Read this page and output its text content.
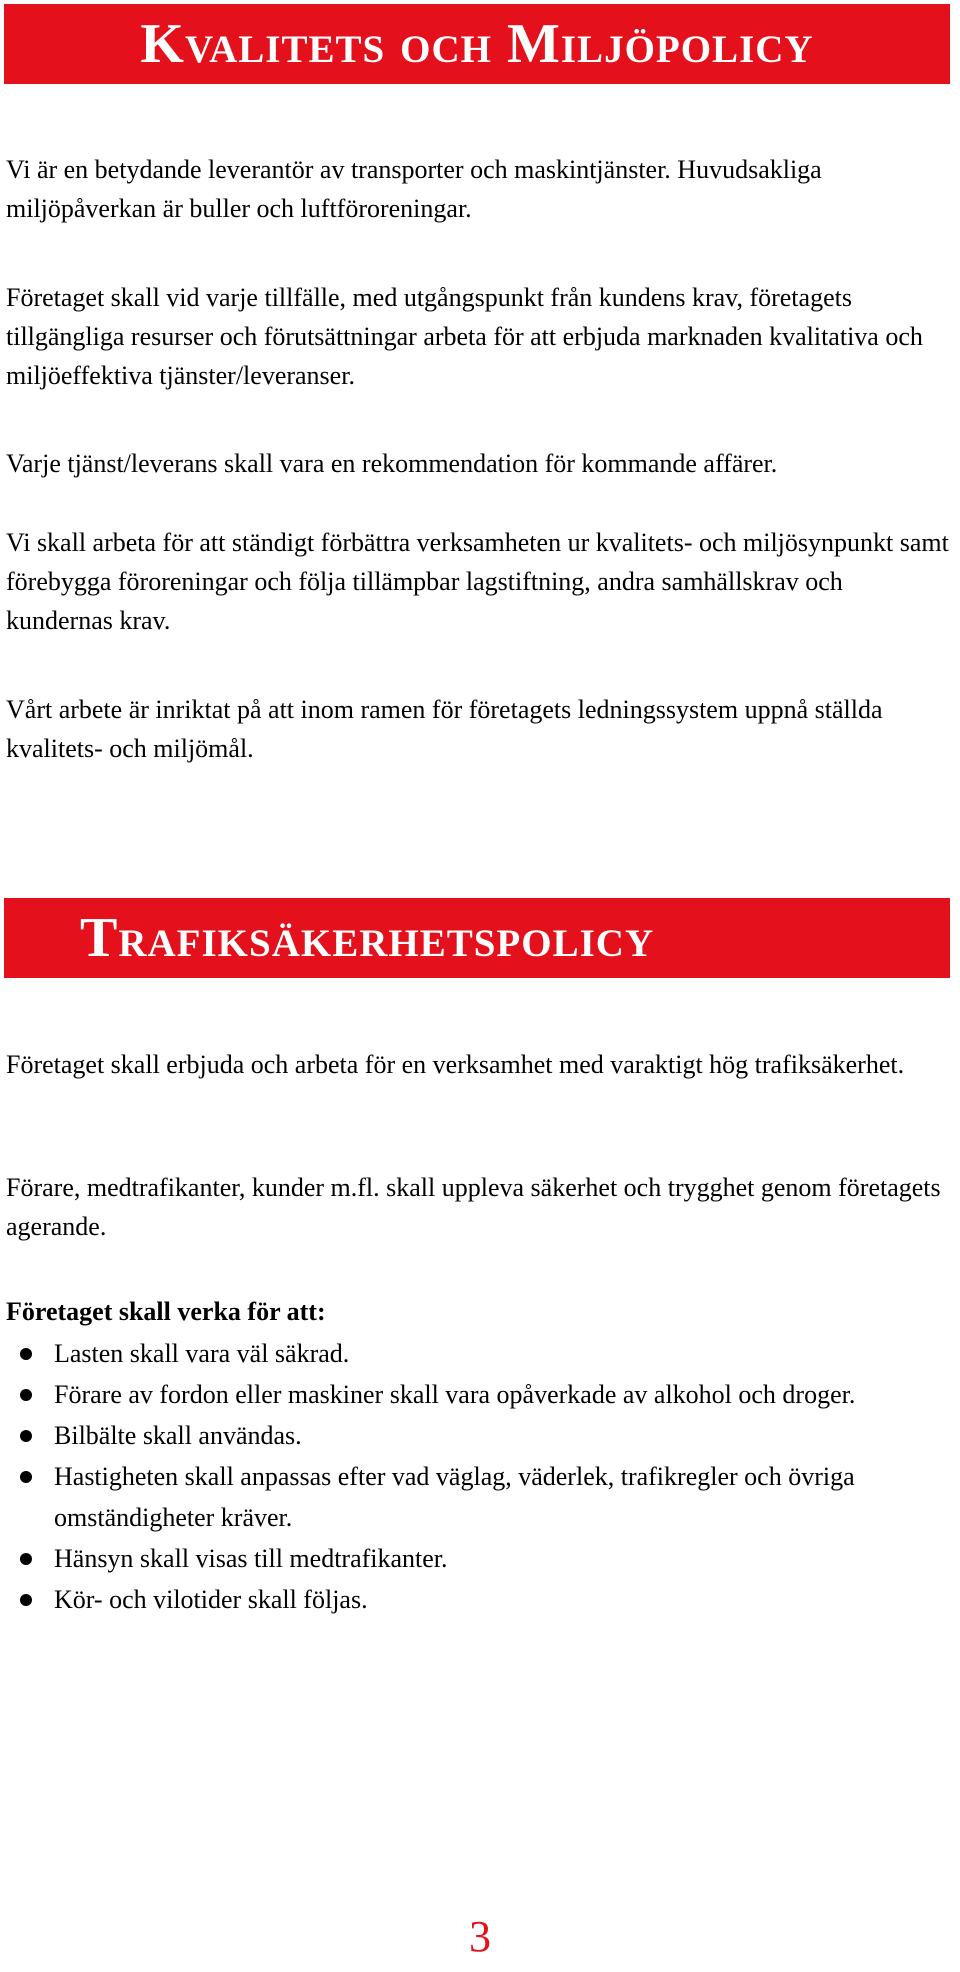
Kvalitets och Miljöpolicy

Vi är en betydande leverantör av transporter och maskintjänster. Huvudsakliga miljöpåverkan är buller och luftföroreningar.

Företaget skall vid varje tillfälle, med utgångspunkt från kundens krav, företagets tillgängliga resurser och förutsättningar arbeta för att erbjuda marknaden kvalitativa och miljöeffektiva tjänster/leveranser.

Varje tjänst/leverans skall vara en rekommendation för kommande affärer.

Vi skall arbeta för att ständigt förbättra verksamheten ur kvalitets- och miljösynpunkt samt förebygga föroreningar och följa tillämpbar lagstiftning, andra samhällskrav och kundernas krav.

Vårt arbete är inriktat på att inom ramen för företagets ledningssystem uppnå ställda kvalitets- och miljömål.

Trafiksäkerhetspolicy

Företaget skall erbjuda och arbeta för en verksamhet med varaktigt hög trafiksäkerhet.

Förare, medtrafikanter, kunder m.fl. skall uppleva säkerhet och trygghet genom företagets agerande.

Företaget skall verka för att:

Lasten skall vara väl säkrad.
Förare av fordon eller maskiner skall vara opåverkade av alkohol och droger.
Bilbälte skall användas.
Hastigheten skall anpassas efter vad väglag, väderlek, trafikregler och övriga omständigheter kräver.
Hänsyn skall visas till medtrafikanter.
Kör- och vilotider skall följas.
3
